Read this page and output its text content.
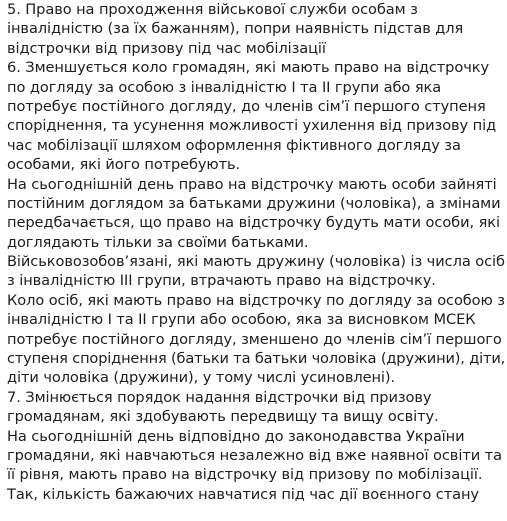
5. Право на проходження військової служби особам з
інвалідністю (за їх бажанням), попри наявність підстав для
відстрочки від призову під час мобілізації
6. Зменшується коло громадян, які мають право на відстрочку
по догляду за особою з інвалідністю I та II групи або яка
потребує постійного догляду, до членів сім’ї першого ступеня
споріднення, та усунення можливості ухилення від призову під
час мобілізації шляхом оформлення фіктивного догляду за
особами, які його потребують.
На сьогоднішній день право на відстрочку мають особи зайняті
постійним доглядом за батьками дружини (чоловіка), а змінами
передбачається, що право на відстрочку будуть мати особи, які
доглядають тільки за своїми батьками.
Військовозобов’язані, які мають дружину (чоловіка) із числа осіб
з інвалідністю III групи, втрачають право на відстрочку.
Коло осіб, які мають право на відстрочку по догляду за особою з
інвалідністю I та II групи або особою, яка за висновком МСЕК
потребує постійного догляду, зменшено до членів сім’ї першого
ступеня споріднення (батьки та батьки чоловіка (дружини), діти,
діти чоловіка (дружини), у тому числі усиновлені).
7. Змінюється порядок надання відстрочки від призову
громадянам, які здобувають передвищу та вищу освіту.
На сьогоднішній день відповідно до законодавства України
громадяни, які навчаються незалежно від вже наявної освіти та
її рівня, мають право на відстрочку від призову по мобілізації.
Так, кількість бажаючих навчатися під час дії воєнного стану
